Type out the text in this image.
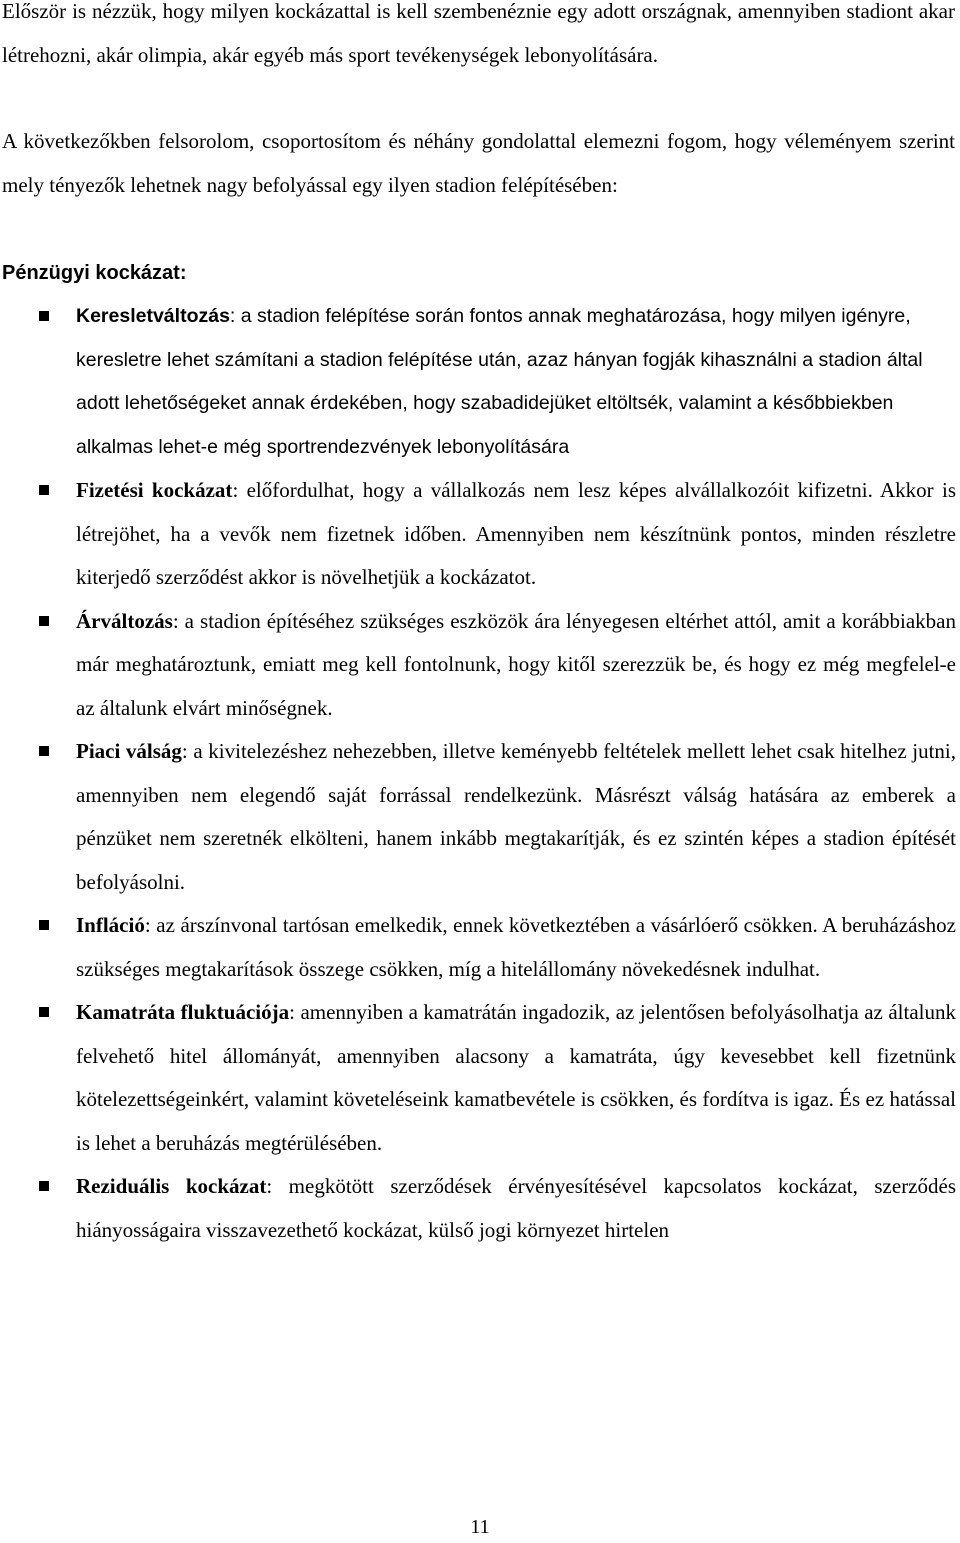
Először is nézzük, hogy milyen kockázattal is kell szembenéznie egy adott országnak, amennyiben stadiont akar létrehozni, akár olimpia, akár egyéb más sport tevékenységek lebonyolítására.

A következőkben felsorolom, csoportosítom és néhány gondolattal elemezni fogom, hogy véleményem szerint mely tényezők lehetnek nagy befolyással egy ilyen stadion felépítésében:

Pénzügyi kockázat:
Keresletváltozás: a stadion felépítése során fontos annak meghatározása, hogy milyen igényre, keresletre lehet számítani a stadion felépítése után, azaz hányan fogják kihasználni a stadion által adott lehetőségeket annak érdekében, hogy szabadidejüket eltöltsék, valamint a későbbiekben alkalmas lehet-e még sportrendezvények lebonyolítására
Fizetési kockázat: előfordulhat, hogy a vállalkozás nem lesz képes alvállalkozóit kifizetni. Akkor is létrejöhet, ha a vevők nem fizetnek időben. Amennyiben nem készítnünk pontos, minden részletre kiterjedő szerződést akkor is növelhetjük a kockázatot.
Árváltozás: a stadion építéséhez szükséges eszközök ára lényegesen eltérhet attól, amit a korábbiakban már meghatároztunk, emiatt meg kell fontolnunk, hogy kitől szerezzük be, és hogy ez még megfelel-e az általunk elvárt minőségnek.
Piaci válság: a kivitelezéshez nehezebben, illetve keményebb feltételek mellett lehet csak hitelhez jutni, amennyiben nem elegendő saját forrással rendelkezünk. Másrészt válság hatására az emberek a pénzüket nem szeretnék elkölteni, hanem inkább megtakarítják, és ez szintén képes a stadion építését befolyásolni.
Infláció: az árszínvonal tartósan emelkedik, ennek következtében a vásárlóerő csökken. A beruházáshoz szükséges megtakarítások összege csökken, míg a hitelállomány növekedésnek indulhat.
Kamatráta fluktuációja: amennyiben a kamatrátán ingadozik, az jelentősen befolyásolhatja az általunk felvehető hitel állományát, amennyiben alacsony a kamatráta, úgy kevesebbet kell fizetnünk kötelezettségeinkért, valamint követeléseink kamatbevétele is csökken, és fordítva is igaz. És ez hatással is lehet a beruházás megtérülésében.
Reziduális kockázat: megkötött szerződések érvényesítésével kapcsolatos kockázat, szerződés hiányosságaira visszavezethető kockázat, külső jogi környezet hirtelen
11
